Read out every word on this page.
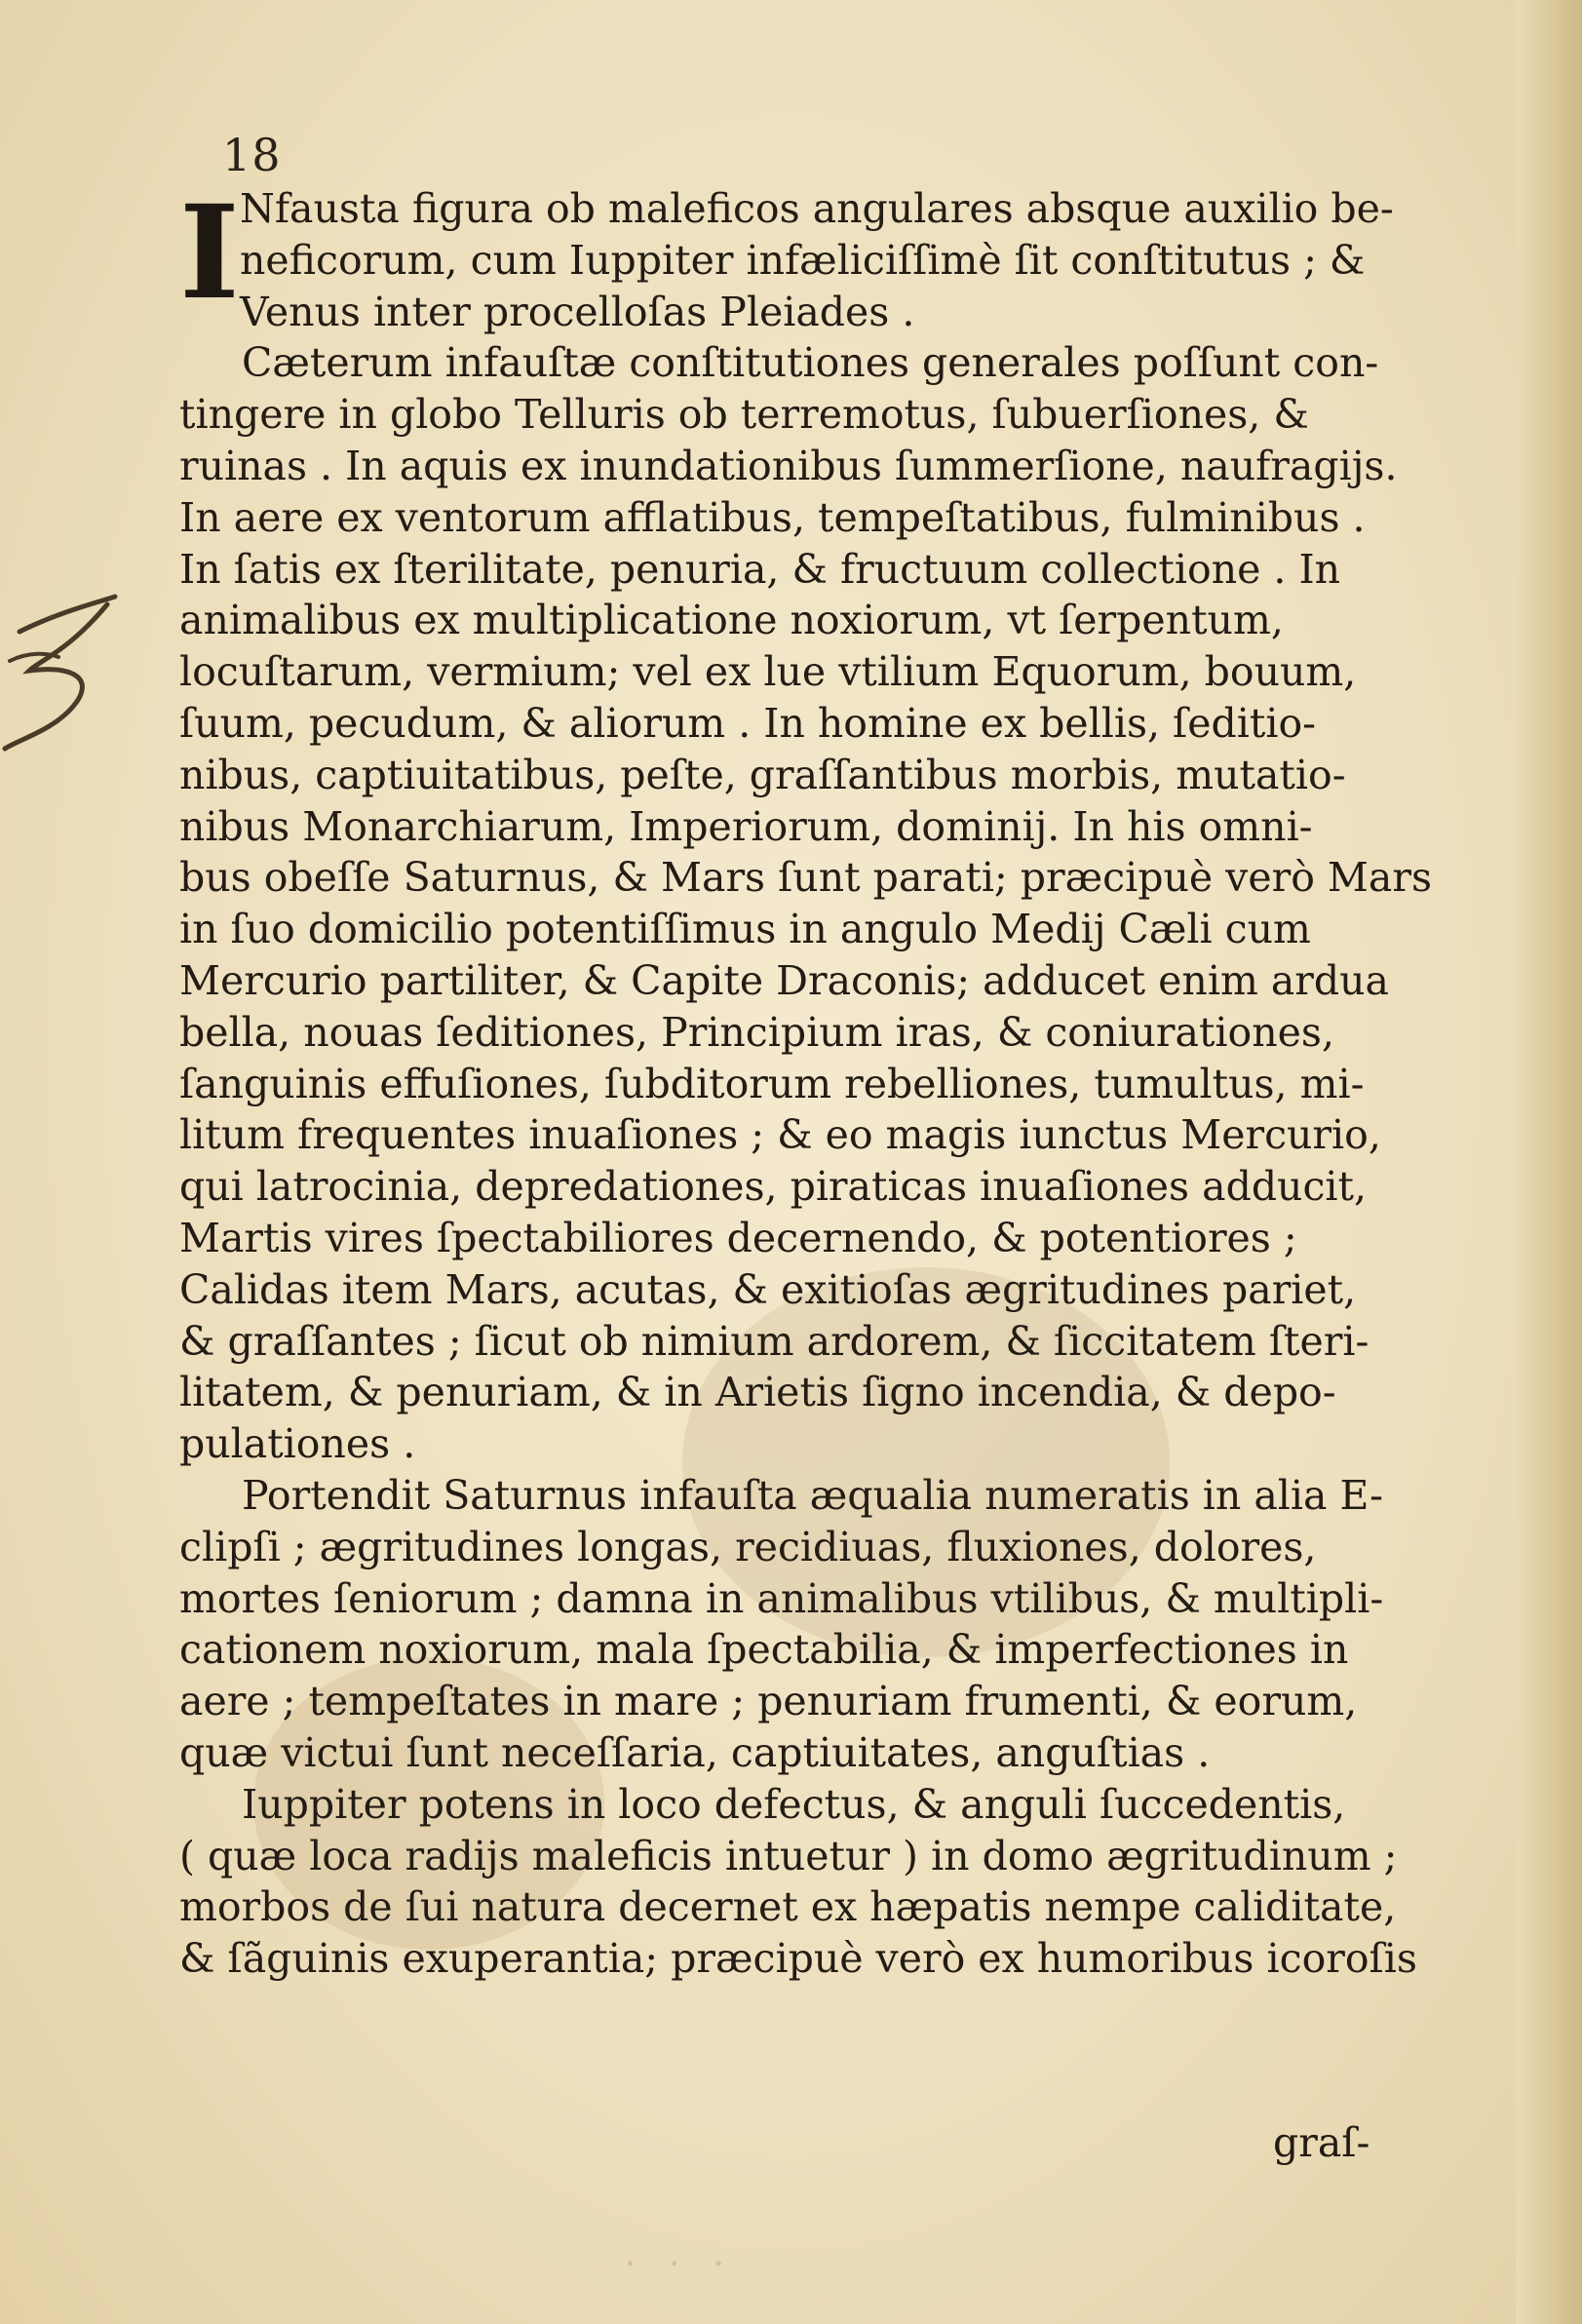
18
I Nfausta figura ob maleficos angulares absque auxilio be-
neficorum, cum Iuppiter infæliciſſimè ſit conſtitutus ; &
Venus inter procelloſas Pleiades .
Cæterum infauſtæ conſtitutiones generales poſſunt con-
tingere in globo Telluris ob terremotus, ſubuerſiones, &
ruinas . In aquis ex inundationibus ſummerſione, naufragijs.
In aere ex ventorum afflatibus, tempeſtatibus, fulminibus .
In ſatis ex ſterilitate, penuria, & fructuum collectione . In
animalibus ex multiplicatione noxiorum, vt ſerpentum,
locuſtarum, vermium; vel ex lue vtilium Equorum, bouum,
ſuum, pecudum, & aliorum . In homine ex bellis, ſeditio-
nibus, captiuitatibus, peſte, graſſantibus morbis, mutatio-
nibus Monarchiarum, Imperiorum, dominij. In his omni-
bus obeſſe Saturnus, & Mars ſunt parati; præcipuè verò Mars
in ſuo domicilio potentiſſimus in angulo Medij Cæli cum
Mercurio partiliter, & Capite Draconis; adducet enim ardua
bella, nouas ſeditiones, Principium iras, & coniurationes,
ſanguinis effuſiones, ſubditorum rebelliones, tumultus, mi-
litum frequentes inuaſiones ; & eo magis iunctus Mercurio,
qui latrocinia, depredationes, piraticas inuaſiones adducit,
Martis vires ſpectabiliores decernendo, & potentiores ;
Calidas item Mars, acutas, & exitioſas ægritudines pariet,
& graſſantes ; ſicut ob nimium ardorem, & ſiccitatem ſteri-
litatem, & penuriam, & in Arietis ſigno incendia, & depo-
pulationes .
Portendit Saturnus infauſta æqualia numeratis in alia E-
clipſi ; ægritudines longas, recidiuas, fluxiones, dolores,
mortes ſeniorum ; damna in animalibus vtilibus, & multipli-
cationem noxiorum, mala ſpectabilia, & imperfectiones in
aere ; tempeſtates in mare ; penuriam frumenti, & eorum,
quæ victui ſunt neceſſaria, captiuitates, anguſtias .
Iuppiter potens in loco defectus, & anguli ſuccedentis,
( quæ loca radijs maleficis intuetur ) in domo ægritudinum ;
morbos de ſui natura decernet ex hæpatis nempe caliditate,
& ſãguinis exuperantia; præcipuè verò ex humoribus icoroſis
graſ-
· · ·
